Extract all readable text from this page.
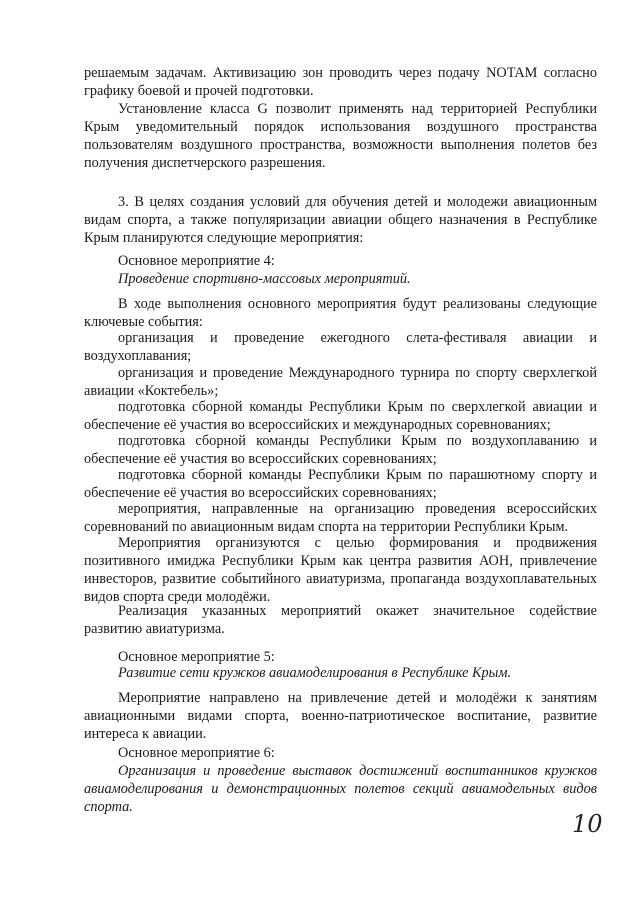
решаемым задачам. Активизацию зон проводить через подачу NOTAM согласно графику боевой и прочей подготовки.

Установление класса G позволит применять над территорией Республики Крым уведомительный порядок использования воздушного пространства пользователям воздушного пространства, возможности выполнения полетов без получения диспетчерского разрешения.

3. В целях создания условий для обучения детей и молодежи авиационным видам спорта, а также популяризации авиации общего назначения в Республике Крым планируются следующие мероприятия:

Основное мероприятие 4:

Проведение спортивно-массовых мероприятий.

В ходе выполнения основного мероприятия будут реализованы следующие ключевые события:

организация и проведение ежегодного слета-фестиваля авиации и воздухоплавания;

организация и проведение Международного турнира по спорту сверхлегкой авиации «Коктебель»;

подготовка сборной команды Республики Крым по сверхлегкой авиации и обеспечение её участия во всероссийских и международных соревнованиях;

подготовка сборной команды Республики Крым по воздухоплаванию и обеспечение её участия во всероссийских соревнованиях;

подготовка сборной команды Республики Крым по парашютному спорту и обеспечение её участия во всероссийских соревнованиях;

мероприятия, направленные на организацию проведения всероссийских соревнований по авиационным видам спорта на территории Республики Крым.

Мероприятия организуются с целью формирования и продвижения позитивного имиджа Республики Крым как центра развития АОН, привлечение инвесторов, развитие событийного авиатуризма, пропаганда воздухоплавательных видов спорта среди молодёжи.

Реализация указанных мероприятий окажет значительное содействие развитию авиатуризма.

Основное мероприятие 5:

Развитие сети кружков авиамоделирования в Республике Крым.

Мероприятие направлено на привлечение детей и молодёжи к занятиям авиационными видами спорта, военно-патриотическое воспитание, развитие интереса к авиации.

Основное мероприятие 6:

Организация и проведение выставок достижений воспитанников кружков авиамоделирования и демонстрационных полетов секций авиамодельных видов спорта.

10
